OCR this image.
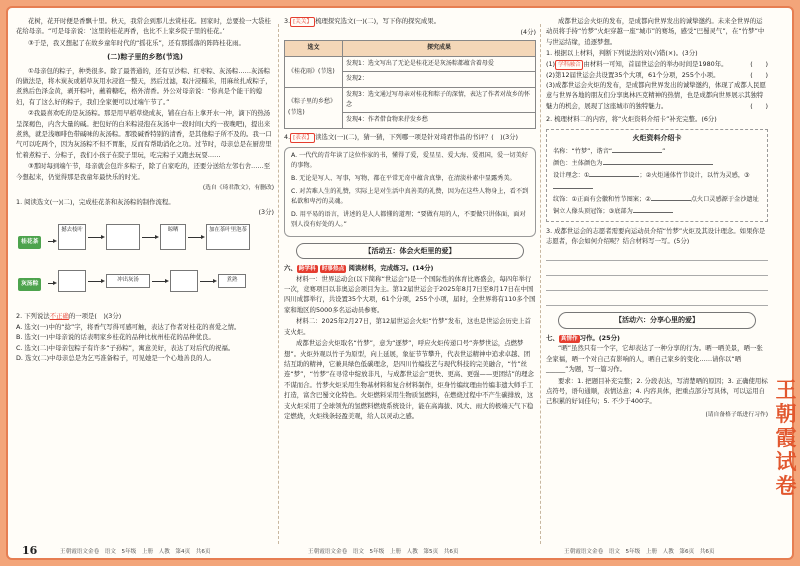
花树，花开时便是香飘十里。秋天，我常会到那儿去赏桂花。回家时，总要捡一大袋桂花给母亲。“可是母亲说：‘这里的桂花再香，也比不上家乡院子里的桂花。’

③于是，我又想起了在故乡童年时代的“摇花乐”，还有那摇落的阵阵桂花雨。

(二)粽子里的乡愁(节选)

①母亲包的粽子，种类很多。除了最普通的，还有豆沙粽、红枣粽、灰汤粽……灰汤粽的做法是，将木炭灰或稻草灰用水浸泡一整天，然后过滤，取汁浸糯米，用麻丝扎成粽子，煮熟后色泽金黄，剥开粽叶，蘸着糖吃，格外清香。外公对母亲说：“你真是个能干的媳妇，有了这么好的粽子，我们全家便可以过端午节了。”

②我最喜欢吃的是灰汤粽。那是用早稻草烧成灰，铺在白布上拿开水一冲，滴下的热汤呈深褐色，内含大量的碱。把包好的白米粽浸泡在灰汤中一段时间(大约一夜晚吧)，提出来煮熟，就是浅咖啡色带碱味的灰汤粽。那股碱香特别的清香，是其他粽子所不及的。我一口气可以吃两个，因为灰汤粽不但不胃胀，反而有帮助消化之功。过节时，母亲总是在厨房里忙着煮粽子、分粽子，我们小孩子在院子里玩，吃完粽子又跑去玩耍……

③那时每到端午节，母亲就会包许多粽子，除了自家吃的，还要分送给左邻右舍……至今想起来，仍觉得那是我童年最快乐的时光。

(选自《琦君散文》，有删改)
1. 阅读选文(一)(二)，完成桂花茶和灰汤粽的制作流程。
(3分)
桂花茶
灰汤粽
撼去枝叶	晾晒	加在茶叶里泡茶
冲出灰汤	煮熟
2. 下列说法不正确的一项是(　)(3分)
A. 选文(一)中的“捻”字，将香气写得可感可触，表达了作者对桂花的喜爱之情。
B. 选文(一)中母亲说的话表明家乡桂花的品种比杭州桂花的品种优良。
C. 选文(二)中母亲包粽子有许多“子孙粽”，寓意美好，表达了对后代的祝福。
D. 选文(二)中母亲总是为乞丐准备粽子，可见她是一个心地善良的人。
3. [关关】 梳理探究选文(一)(二)，写下你的探究成果。
(4分)
选文	探究成果
《桂花雨》(节选)	发现1：选文写出了无论是桂花还是灰汤粽都蕴含着母爱
	发现2：
《粽子里的乡愁》(节选)	发现3：选文通过写母亲对桂花和粽子的深情，表达了作者对故乡的怀念
	发现4：作者借食物来抒发乡愁
4. [表表】 读选文(一)(二)，猜一猜，下列哪一项是针对琦君作品的书评？(　)(3分)
A. 一代代的青年读了这位作家的书，懂得了爱，爱星星、爱大海、爱祖国，爱一切美好的事物。
B. 无论是写人、写事，写物，都在平常无奇中蕴含真挚，在清淡朴素中显露秀美。
C. 对苦难人生的礼赞，实际上是对生活中真善美的礼赞，因为在这些人物身上，看不到私欲和卑污的灵魂。
D. 用平易的语言，讲述的是人人都懂的道理；“要做有用的人，不要做只讲体面，面对别人没有好处的人。”
【活动五：体会火炬里的爱】
六、 跨学科 时事热点 阅读材料，完成练习。(14分)

材料一：世界运动会(以下简称“世运会”)是一个国际性的体育比赛盛会，每四年举行一次，竞赛项目以非奥运会项目为主。第12届世运会于2025年8月7日至8月17日在中国四川成都举行，共设置35个大项，61个分项，255个小项，届时，全世界将有110多个国家和地区的5000多名运动员参赛。

材料二：2025年2月27日，第12届世运会火炬“竹梦”发布，这也是世运会历史上首支火炬。

成都世运会火炬取名“竹梦”，意为“逐梦”，呼应火炬传递口号“奔梦世运，点燃梦想”。火炬外观以竹子为原型，向上延展，象征节节攀升，代表世运精神中追求卓越、团结互助的精神，它兼具绿色低碳理念，是四川竹编技艺与现代科技的完美融合，“竹”丝连“梦”，“竹梦”在寻常中绽放非凡，与成都世运会“更快、更高、更强——更团结”的理念不谋而合。竹梦火炬采用生物基材料和复合材料制作，炬身竹编纹理由竹编非遗大师手工打造，富含巴蜀文化特色。火炬燃料采用生物质氢燃料，在燃烧过程中不产生碳排放，这支火炬采用了全球领先的氢燃料燃烧系统设计，能在高海拔、风大、雨大的极端天气下稳定燃烧，火炬线条轻盈美观，给人以灵动之感。

成都世运会火炬的发布，是成都向世界发出的诚挚邀约。未来全世界的运动员将手持“竹梦”火炬穿越一座“城市”的赛场，感受“巴蜀灵气”，在“竹梦”中与世运结缘，追逐梦想。

1. 根据以上材料，判断下列说法的对(√)错(×)。(3分)
(1) 学科融合 由材料一可知，首届世运会的举办时间是1980年。	(　　)
(2)第12届世运会共设置35个大项，61个分项，255个小项。	(　　)
(3)成都世运会火炬的发布，是成都向世界发出的诚挚邀约，体现了成都人民愿意与世界各地的朋友们分享奥林匹克精神的热情，也是成都向世界展示其独特魅力的机会，展现了这座城市的独特魅力。	(　　)
2. 梳理材料二的内容，将“火炬资料介绍卡”补充完整。(6分)
火炬资料介绍卡
名称：“竹梦”，谐音“	”
颜色：主体颜色为
设计理念：①	；②火炬通体竹节设计，以竹为灵感，③
纹饰：①正面有会徽和竹节图案；②	点火口灵感源于金沙遗址铜立人像头顶冠饰；③底部为
3. 成都世运会的志愿者需要向运动员介绍“竹梦”火炬及其设计理念。如果你是志愿者，你会如何介绍呢？结合材料写一写。(5分)
【活动六：分享心里的爱】
七、 真情作 习作。(25分)

“晒”虽然只有一个字，它却表达了一种分享的行为。晒一晒美景，晒一张全家福，晒一个对自己有影响的人，晒自己家乡的变化……请你以“晒______”为题，写一篇习作。

要求：1. 把题目补充完整；2. 分段表达，写清楚晒的原因；3. 正确使用标点符号，语句通顺，表情达意；4. 内容具体，把重点部分写具体，可以运用自己积累的好词佳句；5. 不少于400字。

(请自备格子纸进行习作)
16	王朝霞语文金卷　语文　5年级　上册　人教　第4页　共6页	王朝霞语文金卷　语文　5年级　上册　人教　第5页　共6页	王朝霞语文金卷　语文　5年级　上册　人教　第6页　共6页
王朝霞试卷
